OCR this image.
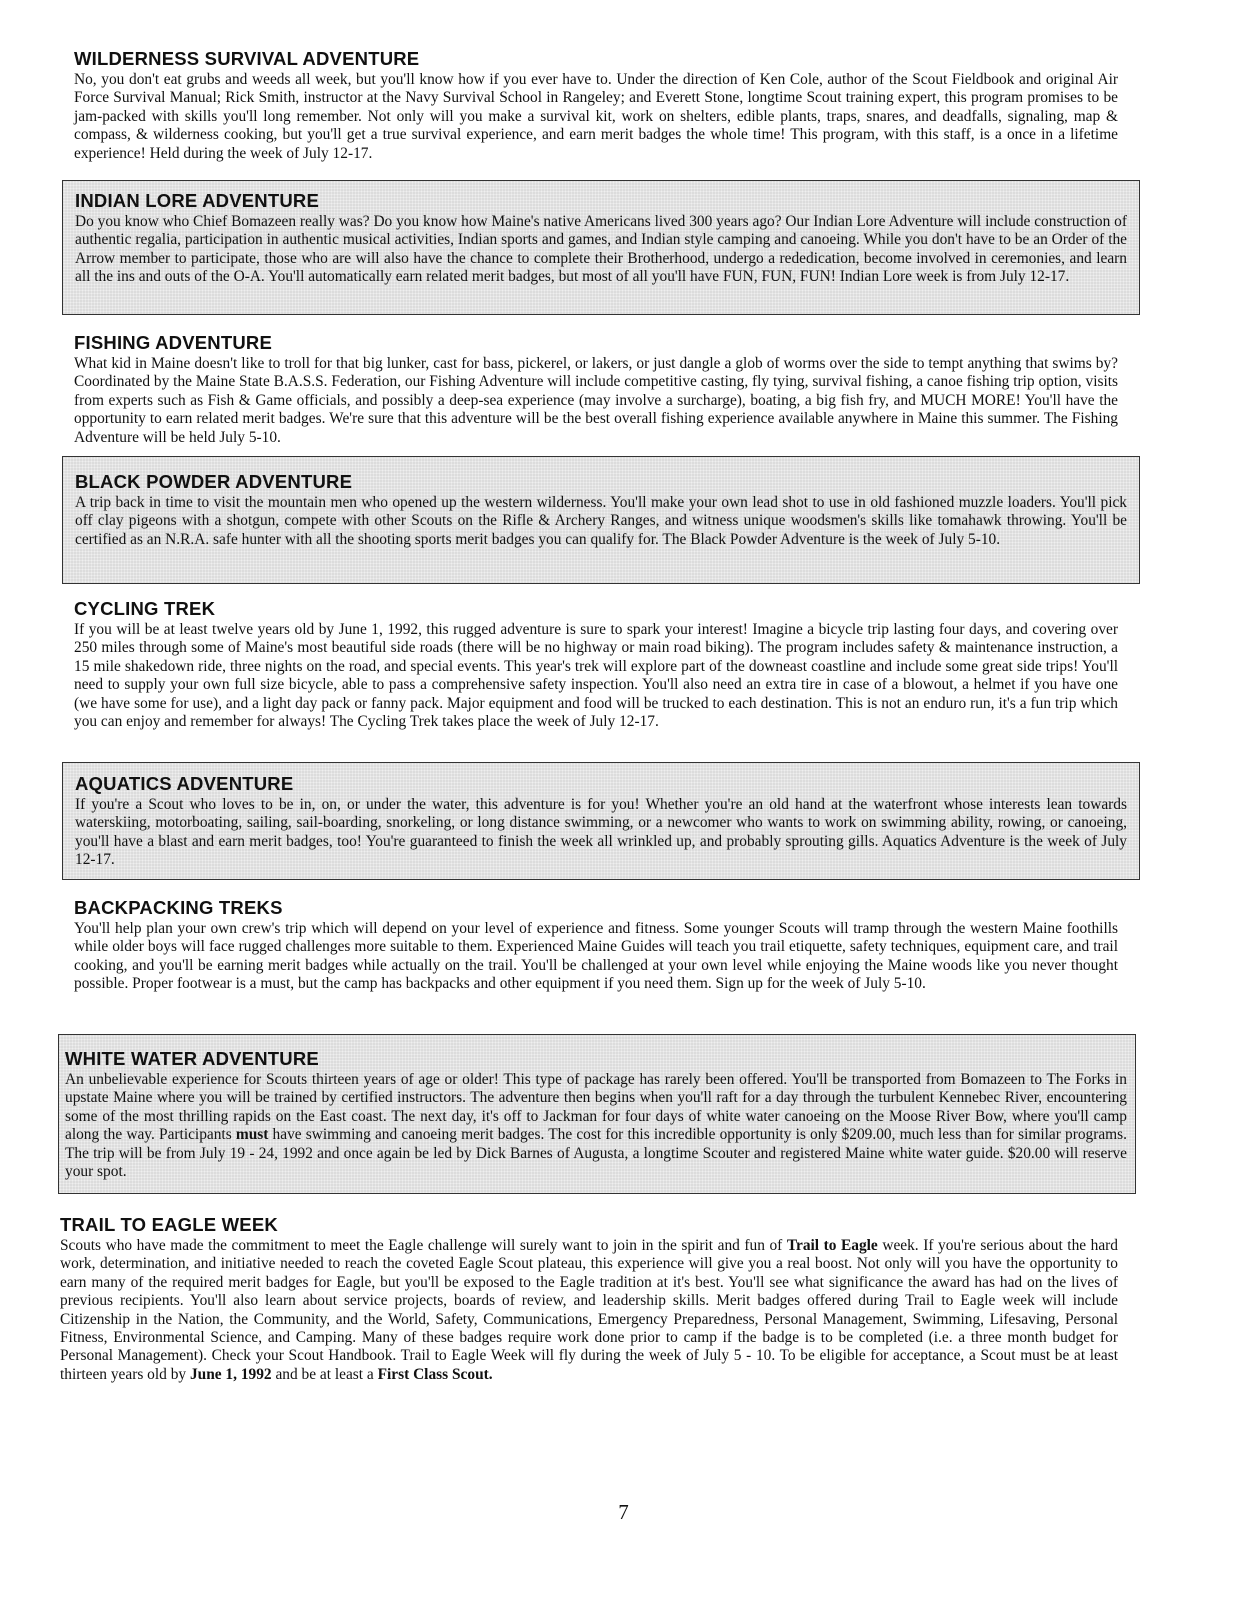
WILDERNESS SURVIVAL ADVENTURE

No, you don't eat grubs and weeds all week, but you'll know how if you ever have to. Under the direction of Ken Cole, author of the Scout Fieldbook and original Air Force Survival Manual; Rick Smith, instructor at the Navy Survival School in Rangeley; and Everett Stone, longtime Scout training expert, this program promises to be jam-packed with skills you'll long remember. Not only will you make a survival kit, work on shelters, edible plants, traps, snares, and deadfalls, signaling, map & compass, & wilderness cooking, but you'll get a true survival experience, and earn merit badges the whole time! This program, with this staff, is a once in a lifetime experience! Held during the week of July 12-17.

INDIAN LORE ADVENTURE

Do you know who Chief Bomazeen really was? Do you know how Maine's native Americans lived 300 years ago? Our Indian Lore Adventure will include construction of authentic regalia, participation in authentic musical activities, Indian sports and games, and Indian style camping and canoeing. While you don't have to be an Order of the Arrow member to participate, those who are will also have the chance to complete their Brotherhood, undergo a rededication, become involved in ceremonies, and learn all the ins and outs of the O-A. You'll automatically earn related merit badges, but most of all you'll have FUN, FUN, FUN! Indian Lore week is from July 12-17.

FISHING ADVENTURE

What kid in Maine doesn't like to troll for that big lunker, cast for bass, pickerel, or lakers, or just dangle a glob of worms over the side to tempt anything that swims by? Coordinated by the Maine State B.A.S.S. Federation, our Fishing Adventure will include competitive casting, fly tying, survival fishing, a canoe fishing trip option, visits from experts such as Fish & Game officials, and possibly a deep-sea experience (may involve a surcharge), boating, a big fish fry, and MUCH MORE! You'll have the opportunity to earn related merit badges. We're sure that this adventure will be the best overall fishing experience available anywhere in Maine this summer. The Fishing Adventure will be held July 5-10.

BLACK POWDER ADVENTURE

A trip back in time to visit the mountain men who opened up the western wilderness. You'll make your own lead shot to use in old fashioned muzzle loaders. You'll pick off clay pigeons with a shotgun, compete with other Scouts on the Rifle & Archery Ranges, and witness unique woodsmen's skills like tomahawk throwing. You'll be certified as an N.R.A. safe hunter with all the shooting sports merit badges you can qualify for. The Black Powder Adventure is the week of July 5-10.

CYCLING TREK

If you will be at least twelve years old by June 1, 1992, this rugged adventure is sure to spark your interest! Imagine a bicycle trip lasting four days, and covering over 250 miles through some of Maine's most beautiful side roads (there will be no highway or main road biking). The program includes safety & maintenance instruction, a 15 mile shakedown ride, three nights on the road, and special events. This year's trek will explore part of the downeast coastline and include some great side trips! You'll need to supply your own full size bicycle, able to pass a comprehensive safety inspection. You'll also need an extra tire in case of a blowout, a helmet if you have one (we have some for use), and a light day pack or fanny pack. Major equipment and food will be trucked to each destination. This is not an enduro run, it's a fun trip which you can enjoy and remember for always! The Cycling Trek takes place the week of July 12-17.

AQUATICS ADVENTURE

If you're a Scout who loves to be in, on, or under the water, this adventure is for you! Whether you're an old hand at the waterfront whose interests lean towards waterskiing, motorboating, sailing, sail-boarding, snorkeling, or long distance swimming, or a newcomer who wants to work on swimming ability, rowing, or canoeing, you'll have a blast and earn merit badges, too! You're guaranteed to finish the week all wrinkled up, and probably sprouting gills. Aquatics Adventure is the week of July 12-17.

BACKPACKING TREKS

You'll help plan your own crew's trip which will depend on your level of experience and fitness. Some younger Scouts will tramp through the western Maine foothills while older boys will face rugged challenges more suitable to them. Experienced Maine Guides will teach you trail etiquette, safety techniques, equipment care, and trail cooking, and you'll be earning merit badges while actually on the trail. You'll be challenged at your own level while enjoying the Maine woods like you never thought possible. Proper footwear is a must, but the camp has backpacks and other equipment if you need them. Sign up for the week of July 5-10.

WHITE WATER ADVENTURE

An unbelievable experience for Scouts thirteen years of age or older! This type of package has rarely been offered. You'll be transported from Bomazeen to The Forks in upstate Maine where you will be trained by certified instructors. The adventure then begins when you'll raft for a day through the turbulent Kennebec River, encountering some of the most thrilling rapids on the East coast. The next day, it's off to Jackman for four days of white water canoeing on the Moose River Bow, where you'll camp along the way. Participants must have swimming and canoeing merit badges. The cost for this incredible opportunity is only $209.00, much less than for similar programs. The trip will be from July 19 - 24, 1992 and once again be led by Dick Barnes of Augusta, a longtime Scouter and registered Maine white water guide. $20.00 will reserve your spot.

TRAIL TO EAGLE WEEK

Scouts who have made the commitment to meet the Eagle challenge will surely want to join in the spirit and fun of Trail to Eagle week. If you're serious about the hard work, determination, and initiative needed to reach the coveted Eagle Scout plateau, this experience will give you a real boost. Not only will you have the opportunity to earn many of the required merit badges for Eagle, but you'll be exposed to the Eagle tradition at it's best. You'll see what significance the award has had on the lives of previous recipients. You'll also learn about service projects, boards of review, and leadership skills. Merit badges offered during Trail to Eagle week will include Citizenship in the Nation, the Community, and the World, Safety, Communications, Emergency Preparedness, Personal Management, Swimming, Lifesaving, Personal Fitness, Environmental Science, and Camping. Many of these badges require work done prior to camp if the badge is to be completed (i.e. a three month budget for Personal Management). Check your Scout Handbook. Trail to Eagle Week will fly during the week of July 5 - 10. To be eligible for acceptance, a Scout must be at least thirteen years old by June 1, 1992 and be at least a First Class Scout.

7
